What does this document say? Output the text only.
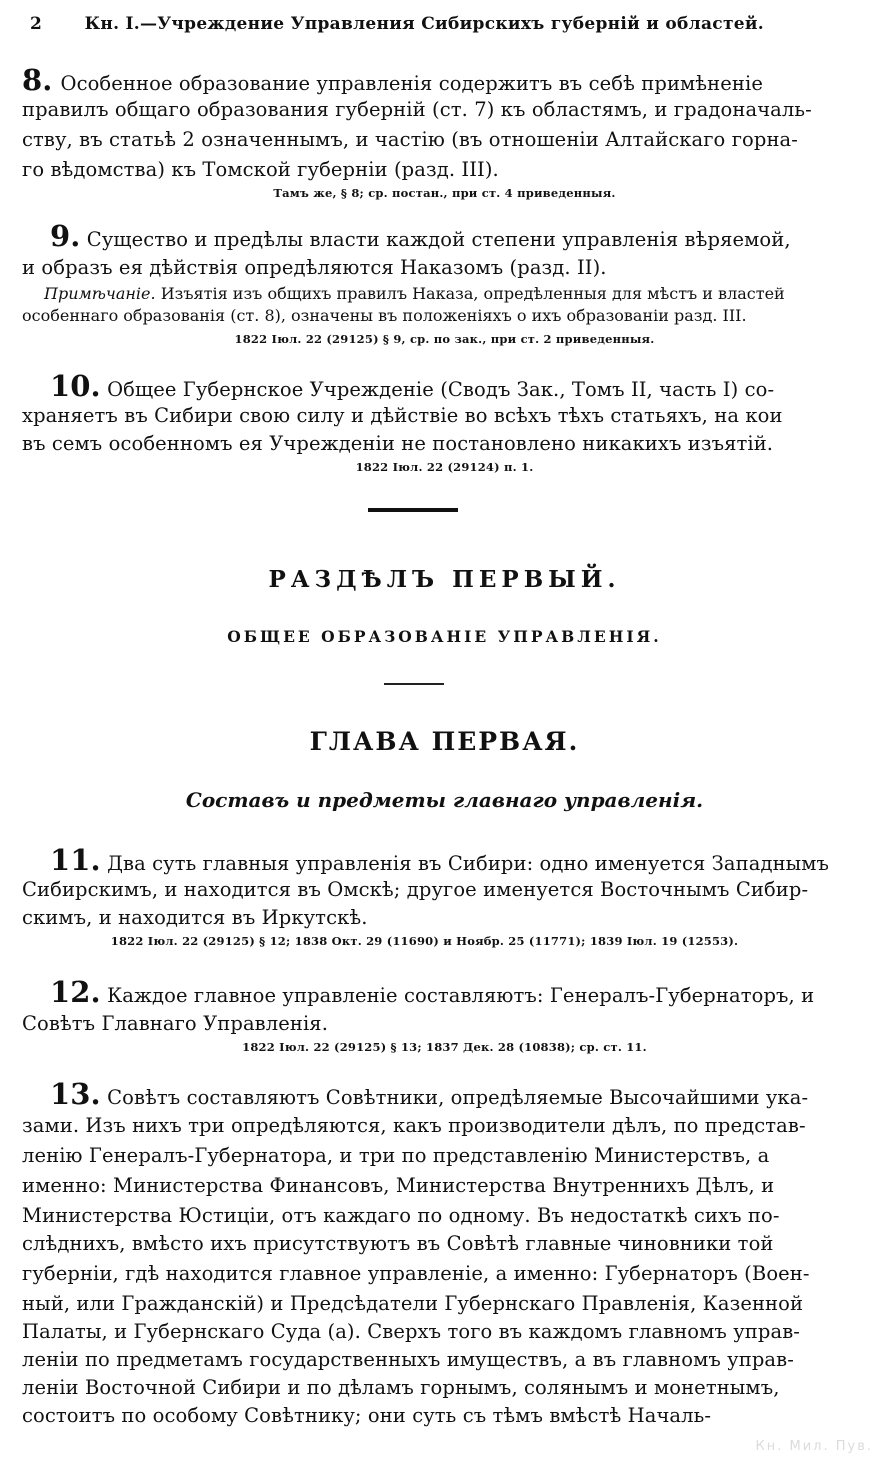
2 Кн. I.—Учреждение Управления Сибирскихъ губерній и областей.
8. Особенное образование управленія содержитъ въ себѣ примѣненіе
правилъ общаго образования губерній (ст. 7) къ областямъ, и градоначаль-
ству, въ статьѣ 2 означеннымъ, и частію (въ отношеніи Алтайскаго горна-
го вѣдомства) къ Томской губерніи (разд. III).
Тамъ же, § 8; ср. постан., при ст. 4 приведенныя.
9. Существо и предѣлы власти каждой степени управленія вѣряемой,
и образъ ея дѣйствія опредѣляются Наказомъ (разд. II).
Примѣчаніе. Изъятія изъ общихъ правилъ Наказа, опредѣленныя для мѣстъ и властей
особеннаго образованія (ст. 8), означены въ положеніяхъ о ихъ образованіи разд. III.
1822 Іюл. 22 (29125) § 9, ср. по зак., при ст. 2 приведенныя.
10. Общее Губернское Учрежденіе (Сводъ Зак., Томъ II, часть I) со-
храняетъ въ Сибири свою силу и дѣйствіе во всѣхъ тѣхъ статьяхъ, на кои
въ семъ особенномъ ея Учрежденіи не постановлено никакихъ изъятій.
1822 Іюл. 22 (29124) п. 1.
РАЗДѢЛЪ ПЕРВЫЙ.
ОБЩЕЕ ОБРАЗОВАНІЕ УПРАВЛЕНІЯ.
ГЛАВА ПЕРВАЯ.
Составъ и предметы главнаго управленія.
11. Два суть главныя управленія въ Сибири: одно именуется Западнымъ
Сибирскимъ, и находится въ Омскѣ; другое именуется Восточнымъ Сибир-
скимъ, и находится въ Иркутскѣ.
1822 Іюл. 22 (29125) § 12; 1838 Окт. 29 (11690) и Ноябр. 25 (11771); 1839 Іюл. 19 (12553).
12. Каждое главное управленіе составляютъ: Генералъ-Губернаторъ, и
Совѣтъ Главнаго Управленія.
1822 Іюл. 22 (29125) § 13; 1837 Дек. 28 (10838); ср. ст. 11.
13. Совѣтъ составляютъ Совѣтники, опредѣляемые Высочайшими ука-
зами. Изъ нихъ три опредѣляются, какъ производители дѣлъ, по представ-
ленію Генералъ-Губернатора, и три по представленію Министерствъ, а
именно: Министерства Финансовъ, Министерства Внутреннихъ Дѣлъ, и
Министерства Юстиціи, отъ каждаго по одному. Въ недостаткѣ сихъ по-
слѣднихъ, вмѣсто ихъ присутствуютъ въ Совѣтѣ главные чиновники той
губерніи, гдѣ находится главное управленіе, а именно: Губернаторъ (Воен-
ный, или Гражданскій) и Предсѣдатели Губернскаго Правленія, Казенной
Палаты, и Губернскаго Суда (а). Сверхъ того въ каждомъ главномъ управ-
леніи по предметамъ государственныхъ имуществъ, а въ главномъ управ-
леніи Восточной Сибири и по дѣламъ горнымъ, солянымъ и монетнымъ,
состоитъ по особому Совѣтнику; они суть съ тѣмъ вмѣстѣ Началь-
Кн. Мил. Пув.
